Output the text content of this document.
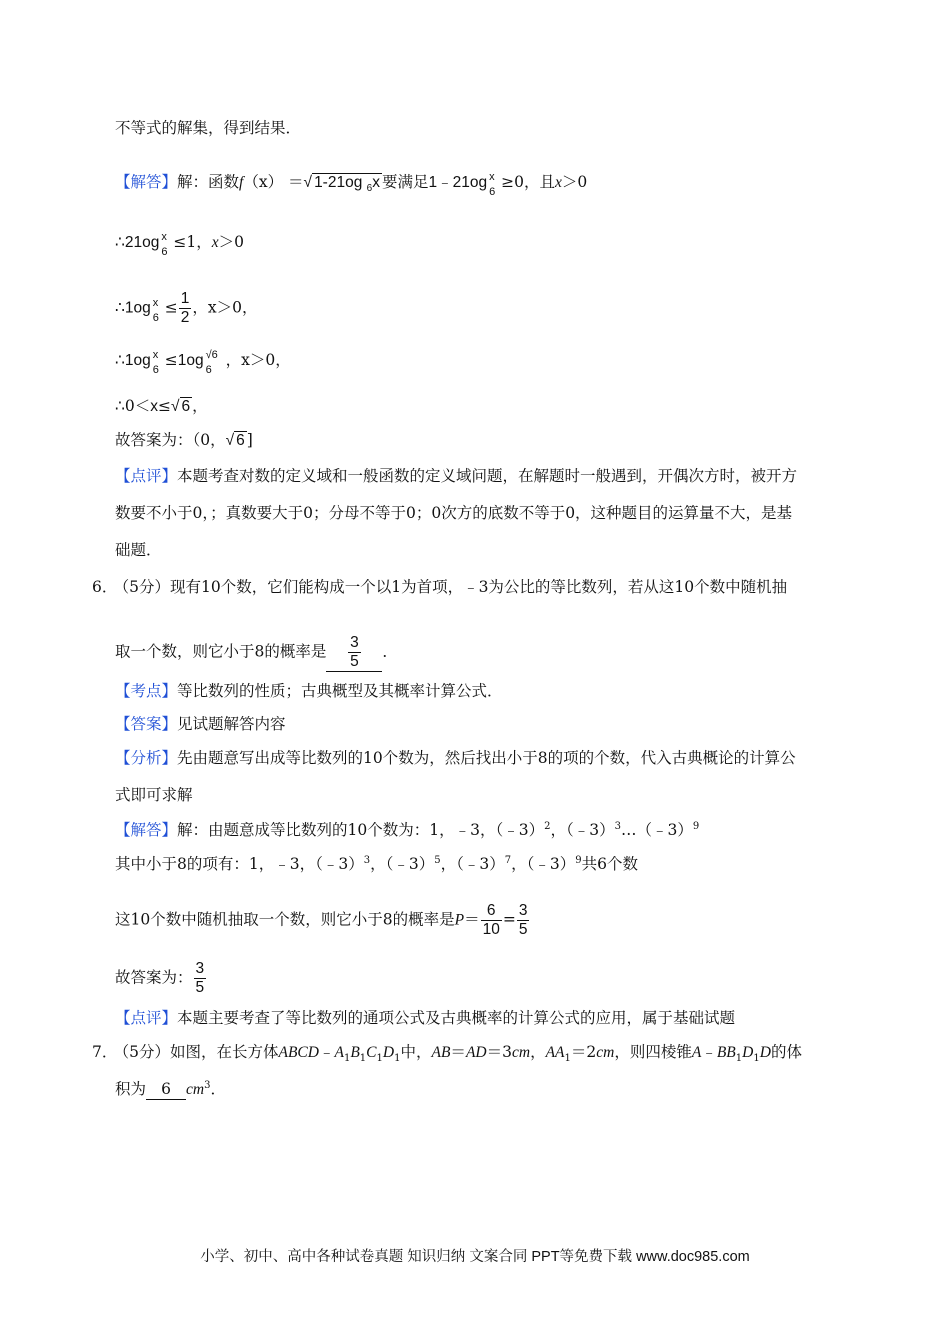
不等式的解集，得到结果．
【解答】解：函数f（x） ＝√ 1-21og $_6$x 要满足1﹣21og x
6
≥0，且x＞0
∴21og x
6
≤1，x＞0
∴1og x
6
≤ $\frac{1}{2}$ ，x＞0，
∴1og x
6
≤1og √6
6
，x＞0，
∴0＜x≤√ 6 ，
故答案为：（0，√ 6 ]
【点评】本题考查对数的定义域和一般函数的定义域问题，在解题时一般遇到，开偶次方时，被开方
数要不小于0，；真数要大于0；分母不等于0；0次方的底数不等于0，这种题目的运算量不大，是基
础题．
6． （5分）现有10个数，它们能构成一个以1为首项，﹣3为公比的等比数列，若从这10个数中随机抽
取一个数，则它小于8的概率是 $\frac{3}{5}$ ．
【考点】等比数列的性质；古典概型及其概率计算公式．
【答案】见试题解答内容
【分析】先由题意写出成等比数列的10个数为，然后找出小于8的项的个数，代入古典概论的计算公
式即可求解
【解答】解：由题意成等比数列的10个数为：1，﹣3，（﹣3）$^2$，（﹣3）$^3$…（﹣3）$^9$
其中小于8的项有：1，﹣3，（﹣3）$^3$，（﹣3）$^5$，（﹣3）$^7$，（﹣3）$^9$共6个数
这10个数中随机抽取一个数，则它小于8的概率是$P= \frac{6}{10} = \frac{3}{5}$
故答案为： $\frac{3}{5}$
【点评】本题主要考查了等比数列的通项公式及古典概率的计算公式的应用，属于基础试题
7． （5分）如图，在长方体$ABCD﹣A_1B_1C_1D_1$中，AB＝AD＝3cm，$AA_1=2cm$，则四棱锥$A﹣BB_1D_1D$的体
积为 6 $cm^3$．
小学、初中、高中各种试卷真题 知识归纳 文案合同 PPT等免费下载 www.doc985.com
